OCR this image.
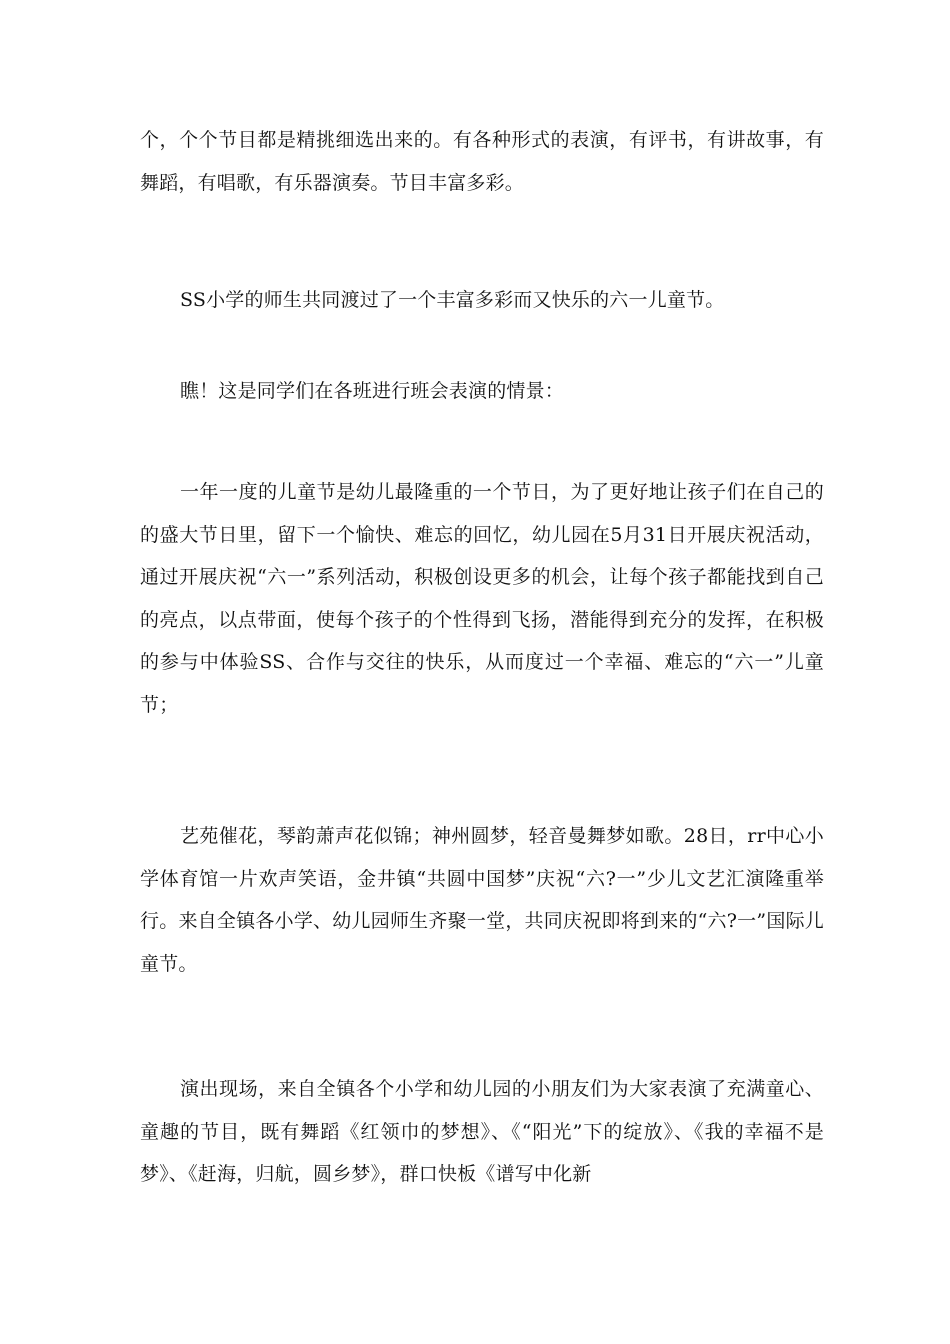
个，个个节目都是精挑细选出来的。有各种形式的表演，有评书，有讲故事，有舞蹈，有唱歌，有乐器演奏。节目丰富多彩。

SS小学的师生共同渡过了一个丰富多彩而又快乐的六一儿童节。

瞧！这是同学们在各班进行班会表演的情景：

一年一度的儿童节是幼儿最隆重的一个节日，为了更好地让孩子们在自己的的盛大节日里，留下一个愉快、难忘的回忆，幼儿园在5月31日开展庆祝活动，通过开展庆祝“六一”系列活动，积极创设更多的机会，让每个孩子都能找到自己的亮点，以点带面，使每个孩子的个性得到飞扬，潜能得到充分的发挥，在积极的参与中体验SS、合作与交往的快乐，从而度过一个幸福、难忘的“六一”儿童节；

艺苑催花，琴韵萧声花似锦；神州圆梦，轻音曼舞梦如歌。28日，rr中心小学体育馆一片欢声笑语，金井镇“共圆中国梦”庆祝“六?一”少儿文艺汇演隆重举行。来自全镇各小学、幼儿园师生齐聚一堂，共同庆祝即将到来的“六?一”国际儿童节。

演出现场，来自全镇各个小学和幼儿园的小朋友们为大家表演了充满童心、童趣的节目，既有舞蹈《红领巾的梦想》、《“阳光”下的绽放》、《我的幸福不是梦》、《赶海，归航，圆乡梦》，群口快板《谱写中化新
